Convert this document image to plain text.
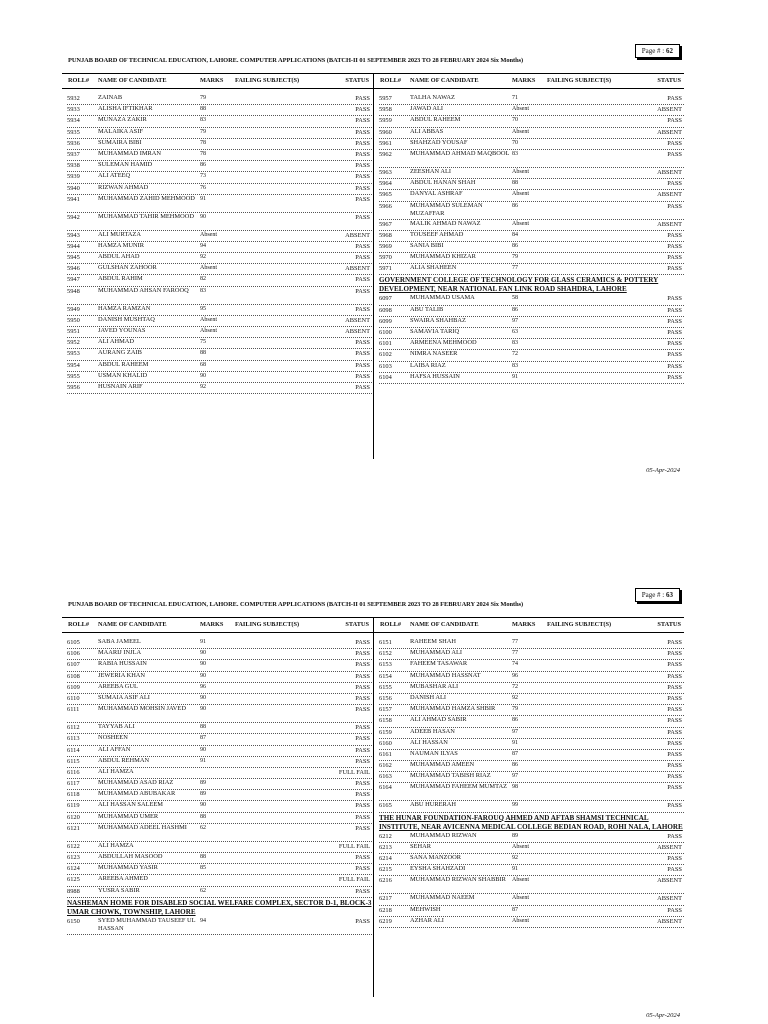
Page # : 62
PUNJAB BOARD OF TECHNICAL EDUCATION, LAHORE. COMPUTER APPLICATIONS (BATCH-II 01 SEPTEMBER 2023 TO 28 FEBRUARY 2024 Six Months)
ROLL# NAME OF CANDIDATE	MARKS FAILING SUBJECT(S)	STATUS ROLL# NAME OF CANDIDATE	MARKS FAILING SUBJECT(S)	STATUS
5932	ZAINAB	79	PASS
5933	ALISHA IFTIKHAR	88	PASS
5934	MUNAZA ZAKIR	83	PASS
5935	MALAIKA ASIF	79	PASS
5936	SUMAIRA BIBI	78	PASS
5937	MUHAMMAD IMRAN	78	PASS
5938	SULEMAN HAMID	86	PASS
5939	ALI ATEEQ	73	PASS
5940	RIZWAN AHMAD	76	PASS
5941	MUHAMMAD ZAHID MEHMOOD 91	PASS
5942	MUHAMMAD TAHIR MEHMOOD	90	PASS
5943	ALI MURTAZA	Absent	ABSENT
5944	HAMZA MUNIR	94	PASS
5945	ABDUL AHAD	92	PASS
5946	GULSHAN ZAHOOR	Absent	ABSENT
5947	ABDUL RAHIM	82	PASS
5948	MUHAMMAD AHSAN FAROOQ	83	PASS
5949	HAMZA RAMZAN	95	PASS
5950	DANISH MUSHTAQ	Absent	ABSENT
5951	JAVED YOUNAS	Absent	ABSENT
5952	ALI AHMAD	75	PASS
5953	AURANG ZAIB	88	PASS
5954	ABDUL RAHEEM	68	PASS
5955	USMAN KHALID	90	PASS
5956	HUSNAIN ARIF	92	PASS
5957	TALHA NAWAZ	71	PASS
5958	JAWAD ALI	Absent	ABSENT
5959	ABDUL RAHEEM	70	PASS
5960	ALI ABBAS	Absent	ABSENT
5961	SHAHZAD YOUSAF	70	PASS
5962	MUHAMMAD AHMAD MAQBOOL 83	PASS
5963	ZEESHAN ALI	Absent	ABSENT
5964	ABDUL HANAN SHAH	88	PASS
5965	DANYAL ASHRAF	Absent	ABSENT
5966	MUHAMMAD SULEMAN MUZAFFAR
86	PASS
5967	MALIK AHMAD NAWAZ	Absent	ABSENT
5968	TOUSEEF AHMAD	84	PASS
5969	SANIA BIBI	86	PASS
5970	MUHAMMAD KHIZAR	79	PASS
5971	ALIA SHAHEEN	77	PASS
GOVERNMENT COLLEGE OF TECHNOLOGY FOR GLASS CERAMICS & POTTERY DEVELOPMENT, NEAR NATIONAL FAN LINK ROAD SHAHDRA, LAHORE
6097	MUHAMMAD USAMA	58	PASS
6098	ABU TALIB	86	PASS
6099	SWAIRA SHAHBAZ	97	PASS
6100	SAMAVIA TARIQ	63	PASS
6101	ARMEENA MEHMOOD	83	PASS
6102	NIMRA NASEER	72	PASS
6103	LAIBA RIAZ	83	PASS
6104	HAFSA HUSSAIN	91	PASS
05-Apr-2024
Page # : 63
PUNJAB BOARD OF TECHNICAL EDUCATION, LAHORE. COMPUTER APPLICATIONS (BATCH-II 01 SEPTEMBER 2023 TO 28 FEBRUARY 2024 Six Months)
ROLL# NAME OF CANDIDATE	MARKS FAILING SUBJECT(S)	STATUS ROLL# NAME OF CANDIDATE	MARKS FAILING SUBJECT(S)	STATUS
6105	SABA JAMEEL	91	PASS
6106	MAARIJ INJLA	90	PASS
6107	RABIA HUSSAIN	90	PASS
6108	JEWERIA KHAN	90	PASS
6109	AREEBA GUL	96	PASS
6110	SUMAIA ASIF ALI	90	PASS
6111	MUHAMMAD MOHSIN JAVED	90	PASS
6112	TAYYAB ALI	88	PASS
6113	NOSHEEN	87	PASS
6114	ALI AFFAN	90	PASS
6115	ABDUL REHMAN	91	PASS
6116	ALI HAMZA	FULL FAIL
6117	MUHAMMAD ASAD RIAZ	89	PASS
6118	MUHAMMAD ABUBAKAR	89	PASS
6119	ALI HASSAN SALEEM	90	PASS
6120	MUHAMMAD UMER	88	PASS
6121	MUHAMMAD ADEEL HASHMI	62	PASS
6122	ALI HAMZA	FULL FAIL
6123	ABDULLAH MASOOD	88	PASS
6124	MUHAMMAD YASIR	85	PASS
6125	AREEBA AHMED	FULL FAIL
8988	YUSRA SABIR	62	PASS
NASHEMAN HOME FOR DISABLED SOCIAL WELFARE COMPLEX, SECTOR D-1, BLOCK-3 UMAR CHOWK, TOWNSHIP, LAHORE
6150	SYED MUHAMMAD TAUSEEF UL HASSAN
94	PASS
6151	RAHEEM SHAH	77	PASS
6152	MUHAMMAD ALI	77	PASS
6153	FAHEEM TASAWAR	74	PASS
6154	MUHAMMAD HASSNAT	96	PASS
6155	MUBASHAR ALI	72	PASS
6156	DANISH ALI	92	PASS
6157	MUHAMMAD HAMZA SHBIR	79	PASS
6158	ALI AHMAD SABIR	86	PASS
6159	ADEEB HASAN	97	PASS
6160	ALI HASSAN	91	PASS
6161	NAUMAN ILYAS	87	PASS
6162	MUHAMMAD AMEEN	86	PASS
6163	MUHAMMAD TABISH RIAZ	97	PASS
6164	MUHAMMAD FAHEEM MUMTAZ 98	PASS
6165	ABU HURERAH	99	PASS
THE HUNAR FOUNDATION-FAROUQ AHMED AND AFTAB SHAMSI TECHNICAL INSTITUTE, NEAR AVICENNA MEDICAL COLLEGE BEDIAN ROAD, ROHI NALA, LAHORE
6212	MUHAMMAD RIZWAN	89	PASS
6213	SEHAR	Absent	ABSENT
6214	SANA MANZOOR	92	PASS
6215	EYSHA SHAHZADI	91	PASS
6216	MUHAMMAD RIZWAN SHABBIR	Absent	ABSENT
6217	MUHAMMAD NAEEM	Absent	ABSENT
6218	MEHWISH	87	PASS
6219	AZHAR ALI	Absent	ABSENT
05-Apr-2024
